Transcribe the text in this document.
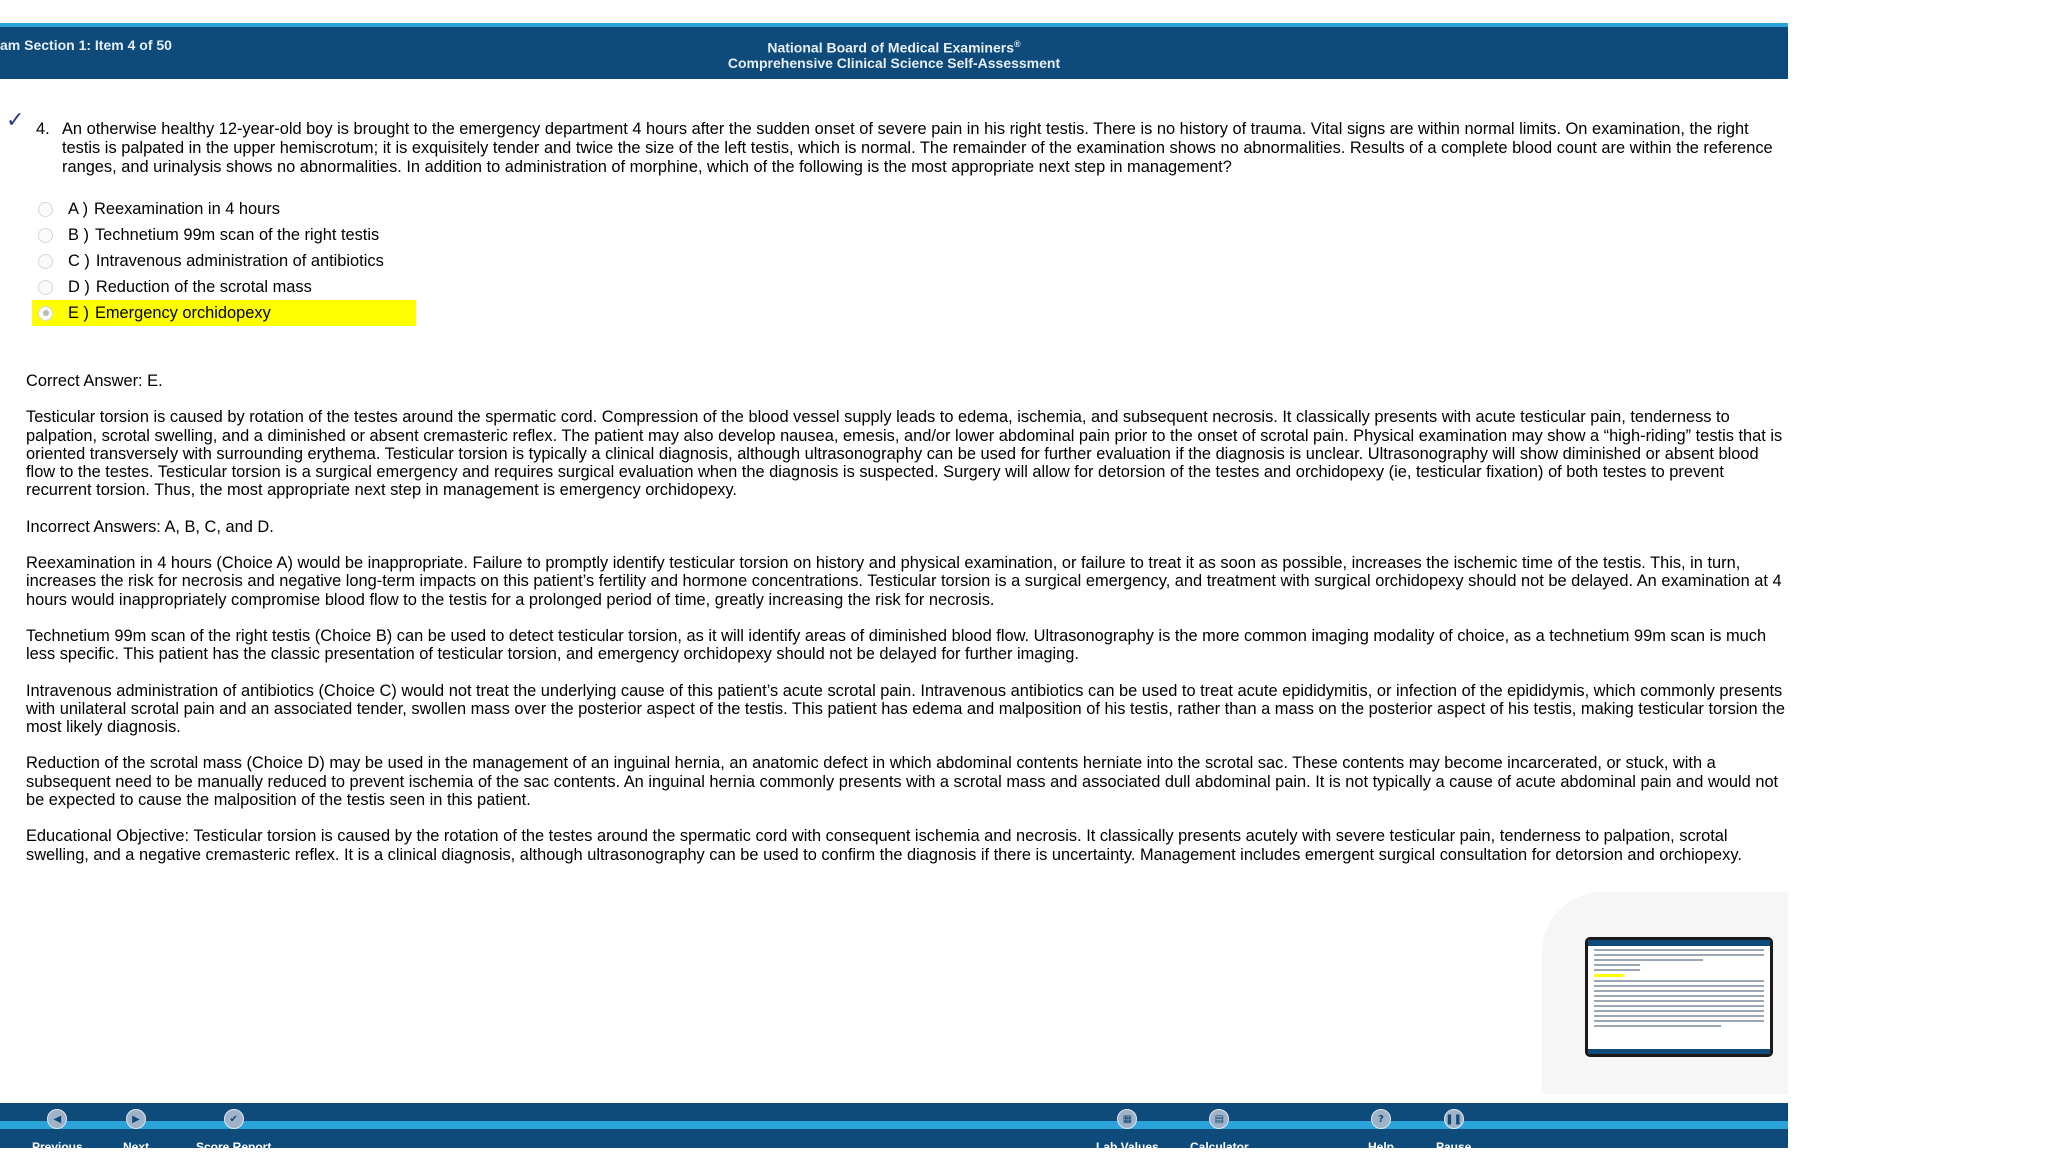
am Section 1: Item 4 of 50	National Board of Medical Examiners®
Comprehensive Clinical Science Self-Assessment
✓ 4. An otherwise healthy 12-year-old boy is brought to the emergency department 4 hours after the sudden onset of severe pain in his right testis. There is no history of trauma. Vital signs are within normal limits. On examination, the right testis is palpated in the upper hemiscrotum; it is exquisitely tender and twice the size of the left testis, which is normal. The remainder of the examination shows no abnormalities. Results of a complete blood count are within the reference ranges, and urinalysis shows no abnormalities. In addition to administration of morphine, which of the following is the most appropriate next step in management?
A ) Reexamination in 4 hours
B ) Technetium 99m scan of the right testis
C ) Intravenous administration of antibiotics
D ) Reduction of the scrotal mass
E ) Emergency orchidopexy

Correct Answer: E.

Testicular torsion is caused by rotation of the testes around the spermatic cord. Compression of the blood vessel supply leads to edema, ischemia, and subsequent necrosis. It classically presents with acute testicular pain, tenderness to palpation, scrotal swelling, and a diminished or absent cremasteric reflex. The patient may also develop nausea, emesis, and/or lower abdominal pain prior to the onset of scrotal pain. Physical examination may show a “high-riding” testis that is oriented transversely with surrounding erythema. Testicular torsion is typically a clinical diagnosis, although ultrasonography can be used for further evaluation if the diagnosis is unclear. Ultrasonography will show diminished or absent blood flow to the testes. Testicular torsion is a surgical emergency and requires surgical evaluation when the diagnosis is suspected. Surgery will allow for detorsion of the testes and orchidopexy (ie, testicular fixation) of both testes to prevent recurrent torsion. Thus, the most appropriate next step in management is emergency orchidopexy.

Incorrect Answers: A, B, C, and D.

Reexamination in 4 hours (Choice A) would be inappropriate. Failure to promptly identify testicular torsion on history and physical examination, or failure to treat it as soon as possible, increases the ischemic time of the testis. This, in turn, increases the risk for necrosis and negative long-term impacts on this patient’s fertility and hormone concentrations. Testicular torsion is a surgical emergency, and treatment with surgical orchidopexy should not be delayed. An examination at 4 hours would inappropriately compromise blood flow to the testis for a prolonged period of time, greatly increasing the risk for necrosis.

Technetium 99m scan of the right testis (Choice B) can be used to detect testicular torsion, as it will identify areas of diminished blood flow. Ultrasonography is the more common imaging modality of choice, as a technetium 99m scan is much less specific. This patient has the classic presentation of testicular torsion, and emergency orchidopexy should not be delayed for further imaging.

Intravenous administration of antibiotics (Choice C) would not treat the underlying cause of this patient’s acute scrotal pain. Intravenous antibiotics can be used to treat acute epididymitis, or infection of the epididymis, which commonly presents with unilateral scrotal pain and an associated tender, swollen mass over the posterior aspect of the testis. This patient has edema and malposition of his testis, rather than a mass on the posterior aspect of his testis, making testicular torsion the most likely diagnosis.

Reduction of the scrotal mass (Choice D) may be used in the management of an inguinal hernia, an anatomic defect in which abdominal contents herniate into the scrotal sac. These contents may become incarcerated, or stuck, with a subsequent need to be manually reduced to prevent ischemia of the sac contents. An inguinal hernia commonly presents with a scrotal mass and associated dull abdominal pain. It is not typically a cause of acute abdominal pain and would not be expected to cause the malposition of the testis seen in this patient.

Educational Objective: Testicular torsion is caused by the rotation of the testes around the spermatic cord with consequent ischemia and necrosis. It classically presents acutely with severe testicular pain, tenderness to palpation, scrotal swelling, and a negative cremasteric reflex. It is a clinical diagnosis, although ultrasonography can be used to confirm the diagnosis if there is uncertainty. Management includes emergent surgical consultation for detorsion and orchiopexy.

◀
Previous
▶
Next
✔
Score Report
▦
Lab Values
▤
Calculator
?
Help
❚❚
Pause
